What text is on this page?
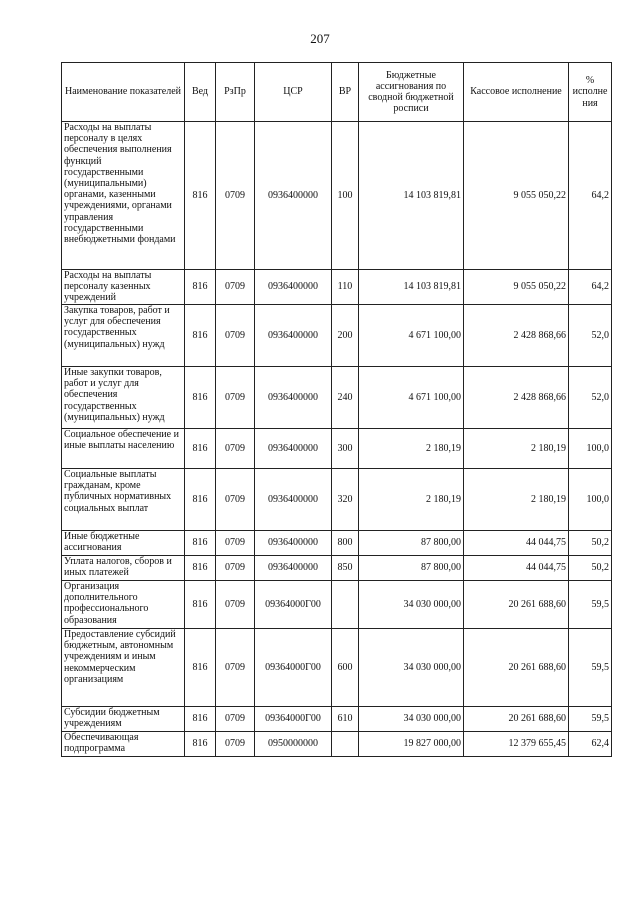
207
Наименование показателей	Вед	РзПр	ЦСР	ВР	Бюджетные ассигнования по сводной бюджетной росписи	Кассовое исполнение	% исполне ния
Расходы на выплаты персоналу в целях обеспечения выполнения функций государственными (муниципальными) органами, казенными учреждениями, органами управления государственными внебюджетными фондами	816	0709	0936400000	100	14 103 819,81	9 055 050,22	64,2
Расходы на выплаты персоналу казенных учреждений	816	0709	0936400000	110	14 103 819,81	9 055 050,22	64,2
Закупка товаров, работ и услуг для обеспечения государственных (муниципальных) нужд	816	0709	0936400000	200	4 671 100,00	2 428 868,66	52,0
Иные закупки товаров, работ и услуг для обеспечения государственных (муниципальных) нужд	816	0709	0936400000	240	4 671 100,00	2 428 868,66	52,0
Социальное обеспечение и иные выплаты населению	816	0709	0936400000	300	2 180,19	2 180,19	100,0
Социальные выплаты гражданам, кроме публичных нормативных социальных выплат	816	0709	0936400000	320	2 180,19	2 180,19	100,0
Иные бюджетные ассигнования	816	0709	0936400000	800	87 800,00	44 044,75	50,2
Уплата налогов, сборов и иных платежей	816	0709	0936400000	850	87 800,00	44 044,75	50,2
Организация дополнительного профессионального образования	816	0709	09364000Г00		34 030 000,00	20 261 688,60	59,5
Предоставление субсидий бюджетным, автономным учреждениям и иным некоммерческим организациям	816	0709	09364000Г00	600	34 030 000,00	20 261 688,60	59,5
Субсидии бюджетным учреждениям	816	0709	09364000Г00	610	34 030 000,00	20 261 688,60	59,5
Обеспечивающая подпрограмма	816	0709	0950000000		19 827 000,00	12 379 655,45	62,4
